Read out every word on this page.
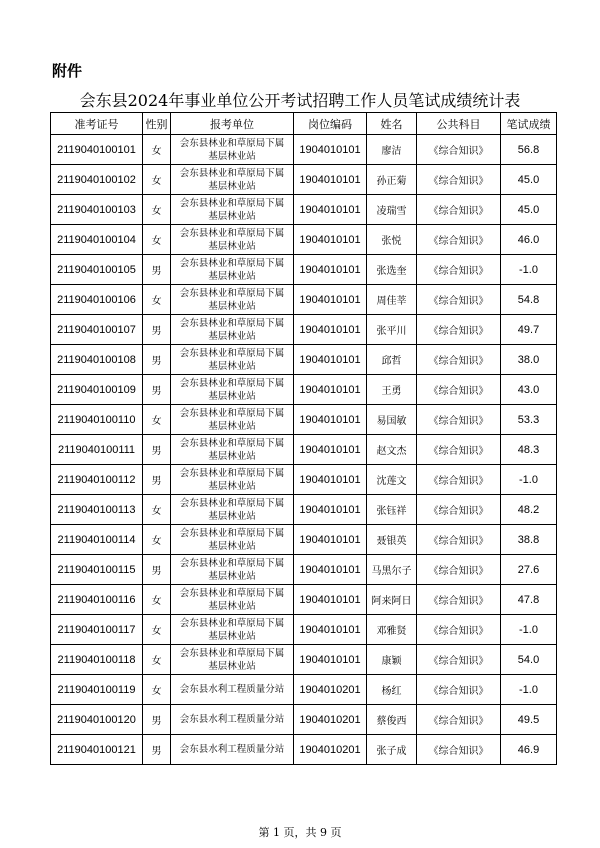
附件
会东县2024年事业单位公开考试招聘工作人员笔试成绩统计表
准考证号	性别	报考单位	岗位编码	姓名	公共科目	笔试成绩
2119040100101	女	会东县林业和草原局下属
基层林业站	1904010101	廖洁	《综合知识》	56.8
2119040100102	女	会东县林业和草原局下属
基层林业站	1904010101	孙正菊	《综合知识》	45.0
2119040100103	女	会东县林业和草原局下属
基层林业站	1904010101	凌瑞雪	《综合知识》	45.0
2119040100104	女	会东县林业和草原局下属
基层林业站	1904010101	张悦	《综合知识》	46.0
2119040100105	男	会东县林业和草原局下属
基层林业站	1904010101	张选奎	《综合知识》	-1.0
2119040100106	女	会东县林业和草原局下属
基层林业站	1904010101	周佳莘	《综合知识》	54.8
2119040100107	男	会东县林业和草原局下属
基层林业站	1904010101	张平川	《综合知识》	49.7
2119040100108	男	会东县林业和草原局下属
基层林业站	1904010101	邱哲	《综合知识》	38.0
2119040100109	男	会东县林业和草原局下属
基层林业站	1904010101	王勇	《综合知识》	43.0
2119040100110	女	会东县林业和草原局下属
基层林业站	1904010101	易国敏	《综合知识》	53.3
2119040100111	男	会东县林业和草原局下属
基层林业站	1904010101	赵文杰	《综合知识》	48.3
2119040100112	男	会东县林业和草原局下属
基层林业站	1904010101	沈莲文	《综合知识》	-1.0
2119040100113	女	会东县林业和草原局下属
基层林业站	1904010101	张钰祥	《综合知识》	48.2
2119040100114	女	会东县林业和草原局下属
基层林业站	1904010101	聂银英	《综合知识》	38.8
2119040100115	男	会东县林业和草原局下属
基层林业站	1904010101	马黑尔子	《综合知识》	27.6
2119040100116	女	会东县林业和草原局下属
基层林业站	1904010101	阿来阿日	《综合知识》	47.8
2119040100117	女	会东县林业和草原局下属
基层林业站	1904010101	邓雅贤	《综合知识》	-1.0
2119040100118	女	会东县林业和草原局下属
基层林业站	1904010101	康颖	《综合知识》	54.0
2119040100119	女	会东县水利工程质量分站	1904010201	杨红	《综合知识》	-1.0
2119040100120	男	会东县水利工程质量分站	1904010201	蔡俊西	《综合知识》	49.5
2119040100121	男	会东县水利工程质量分站	1904010201	张子成	《综合知识》	46.9
第 1 页，共 9 页
